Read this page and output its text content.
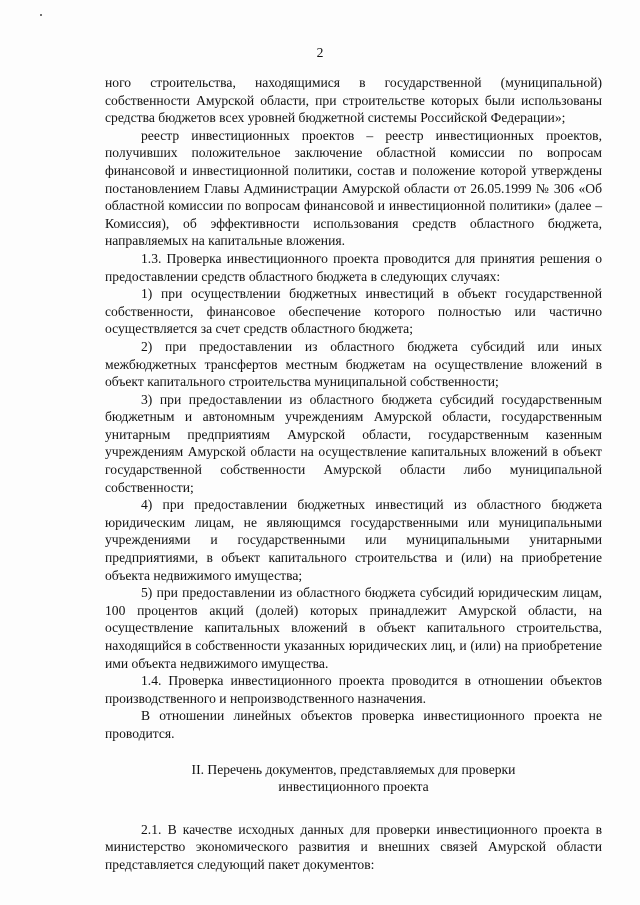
2

ного строительства, находящимися в государственной (муниципальной) собственности Амурской области, при строительстве которых были использованы средства бюджетов всех уровней бюджетной системы Российской Федерации»;

реестр инвестиционных проектов – реестр инвестиционных проектов, получивших положительное заключение областной комиссии по вопросам финансовой и инвестиционной политики, состав и положение которой утверждены постановлением Главы Администрации Амурской области от 26.05.1999 № 306 «Об областной комиссии по вопросам финансовой и инвестиционной политики» (далее – Комиссия), об эффективности использования средств областного бюджета, направляемых на капитальные вложения.

1.3. Проверка инвестиционного проекта проводится для принятия решения о предоставлении средств областного бюджета в следующих случаях:

1) при осуществлении бюджетных инвестиций в объект государственной собственности, финансовое обеспечение которого полностью или частично осуществляется за счет средств областного бюджета;

2) при предоставлении из областного бюджета субсидий или иных межбюджетных трансфертов местным бюджетам на осуществление вложений в объект капитального строительства муниципальной собственности;

3) при предоставлении из областного бюджета субсидий государственным бюджетным и автономным учреждениям Амурской области, государственным унитарным предприятиям Амурской области, государственным казенным учреждениям Амурской области на осуществление капитальных вложений в объект государственной собственности Амурской области либо муниципальной собственности;

4) при предоставлении бюджетных инвестиций из областного бюджета юридическим лицам, не являющимся государственными или муниципальными учреждениями и государственными или муниципальными унитарными предприятиями, в объект капитального строительства и (или) на приобретение объекта недвижимого имущества;

5) при предоставлении из областного бюджета субсидий юридическим лицам, 100 процентов акций (долей) которых принадлежит Амурской области, на осуществление капитальных вложений в объект капитального строительства, находящийся в собственности указанных юридических лиц, и (или) на приобретение ими объекта недвижимого имущества.

1.4. Проверка инвестиционного проекта проводится в отношении объектов производственного и непроизводственного назначения.

В отношении линейных объектов проверка инвестиционного проекта не проводится.

II. Перечень документов, представляемых для проверки

инвестиционного проекта

2.1. В качестве исходных данных для проверки инвестиционного проекта в министерство экономического развития и внешних связей Амурской области представляется следующий пакет документов:
